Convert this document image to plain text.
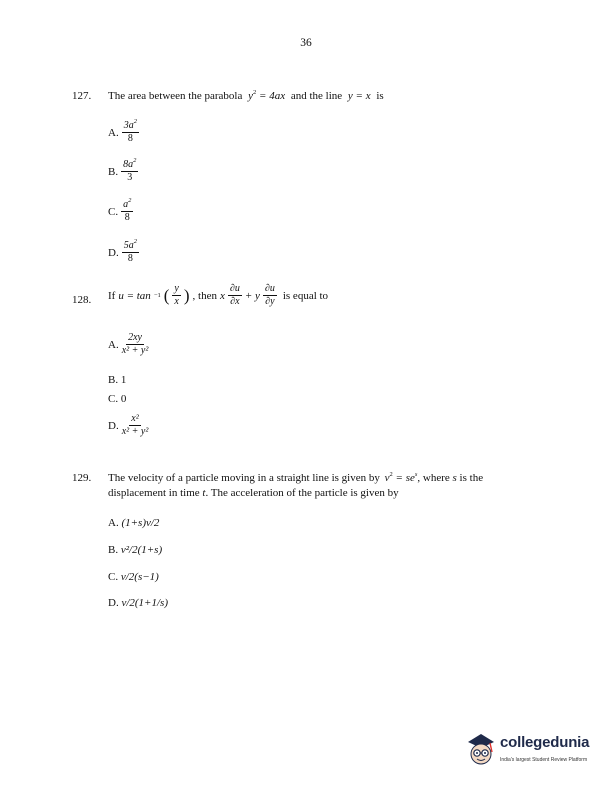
36
127. The area between the parabola $y^2 = 4ax$ and the line y = x is
A. $\frac{3a^2}{8}$
B. $\frac{8a^2}{3}$
C. $\frac{a^2}{8}$
D. $\frac{5a^2}{8}$
128. If u = tan −1 ( $\frac{y}{x}$ ) , then x $\frac{\partial u}{\partial x} + y \frac{\partial u}{\partial y}$ is equal to
A. $\frac{2xy}{\text{x² + y²}}$
B. 1
C. 0
D. $\frac{\text{x²}}{\text{x² + y²}}$
129. The velocity of a particle moving in a straight line is given by $v^2 = se^s$, where s is the
displacement in time t. The acceleration of the particle is given by
A. (1+s)v/2
B. v²/2(1+s)
C. v/2(s−1)
D. v/2(1+1/s)
collegedunia
India's largest Student Review Platform
